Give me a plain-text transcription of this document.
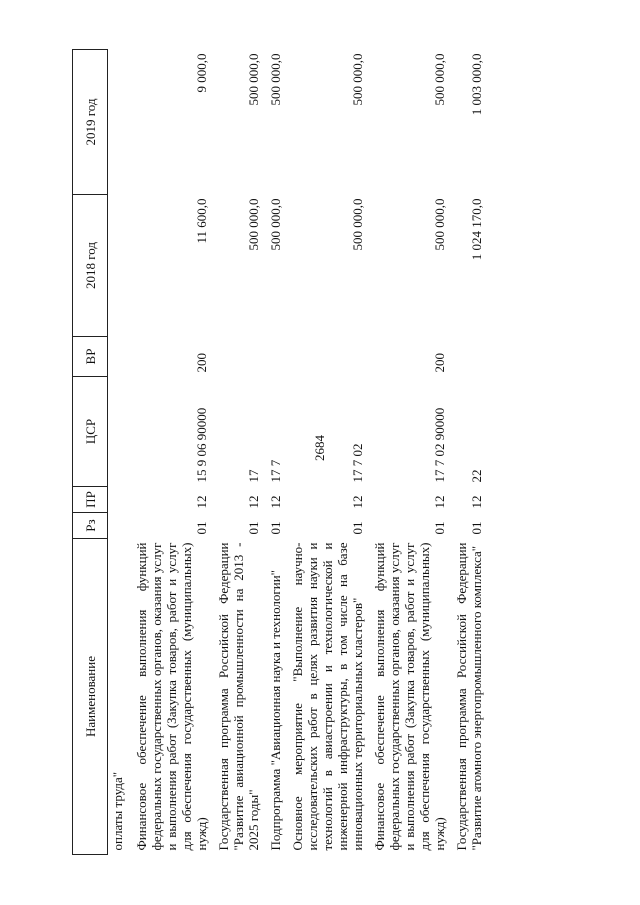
2684
Наименование	Рз	ПР	ЦСР	ВР	2018 год	2019 год
оплаты труда"						
Финансовое обеспечение выполнения функций федеральных государственных органов, оказания услуг и выполнения работ (Закупка товаров, работ и услуг для обеспечения государственных (муниципальных) нужд)	01	12	15 9 06 90000	200	11 600,0	9 000,0
Государственная программа Российской Федерации "Развитие авиационной промышленности на 2013 - 2025 годы"	01	12	17		500 000,0	500 000,0
Подпрограмма "Авиационная наука и технологии"	01	12	17 7		500 000,0	500 000,0
Основное мероприятие "Выполнение научно-исследовательских работ в целях развития науки и технологий в авиастроении и технологической и инженерной инфраструктуры, в том числе на базе инновационных территориальных кластеров"	01	12	17 7 02		500 000,0	500 000,0
Финансовое обеспечение выполнения функций федеральных государственных органов, оказания услуг и выполнения работ (Закупка товаров, работ и услуг для обеспечения государственных (муниципальных) нужд)	01	12	17 7 02 90000	200	500 000,0	500 000,0
Государственная программа Российской Федерации "Развитие атомного энергопромышленного комплекса"	01	12	22		1 024 170,0	1 003 000,0
